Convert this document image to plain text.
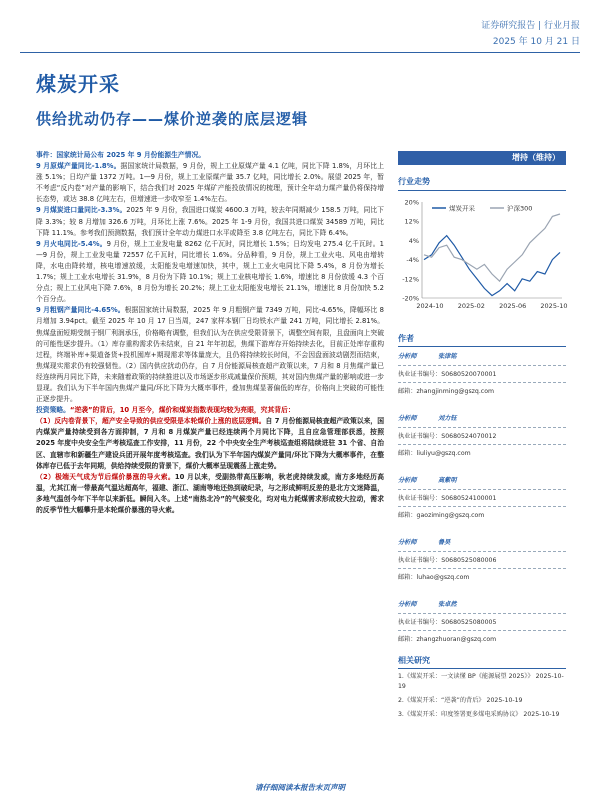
证券研究报告 | 行业月报
2025 年 10 月 21 日
煤炭开采
供给扰动仍存——煤价逆袭的底层逻辑

事件：国家统计局公布 2025 年 9 月份能源生产情况。

9 月原煤产量同比-1.8%。据国家统计局数据，9 月份，规上工业原煤产量 4.1 亿吨，同比下降 1.8%，月环比上涨 5.1%；日均产量 1372 万吨。1—9 月份，规上工业原煤产量 35.7 亿吨，同比增长 2.0%。展望 2025 年，暂不考虑“反内卷”对产量的影响下，结合我们对 2025 年煤矿产能投放情况的梳理，预计全年动力煤产量仍将保持增长态势，或达 38.8 亿吨左右，但增速进一步收窄至 1.4%左右。

9 月煤炭进口量同比-3.3%。2025 年 9 月份，我国进口煤炭 4600.3 万吨，较去年同期减少 158.5 万吨，同比下降 3.3%；较 8 月增加 326.6 万吨，月环比上涨 7.6%。2025 年 1-9 月份，我国共进口煤炭 34589 万吨，同比下降 11.1%。参考我们预测数据，我们预计全年动力煤进口水平或降至 3.8 亿吨左右，同比下降 6.4%。

9 月火电同比-5.4%。9 月份，规上工业发电量 8262 亿千瓦时，同比增长 1.5%；日均发电 275.4 亿千瓦时。1—9 月份，规上工业发电量 72557 亿千瓦时，同比增长 1.6%。分品种看，9 月份，规上工业火电、风电由增转降，水电由降转增，核电增速放缓，太阳能发电增速加快，其中，规上工业火电同比下降 5.4%，8 月份为增长 1.7%；规上工业水电增长 31.9%，8 月份为下降 10.1%；规上工业核电增长 1.6%，增速比 8 月份放缓 4.3 个百分点；规上工业风电下降 7.6%，8 月份为增长 20.2%；规上工业太阳能发电增长 21.1%，增速比 8 月份加快 5.2 个百分点。

9 月粗钢产量同比-4.65%。根据国家统计局数据，2025 年 9 月粗钢产量 7349 万吨，同比-4.65%，降幅环比 8 月增加 3.94pct。截至 2025 年 10 月 17 日当周，247 家样本钢厂日均铁水产量 241 万吨，同比增长 2.81%。焦煤盘面短期受制于钢厂利润承压，价格略有调整，但我们认为在供应受限背景下，调整空间有限，且盘面向上突破的可能性逐步提升。（1）库存重构需求仍未结束，自 21 年年初起，焦煤下游库存开始持续去化，目前正处库存重构过程，终端补库+渠道备货+投机囤库+期现需求等体量庞大，且仍将持续较长时间，不会因盘面波动剧烈而结束，焦煤现实需求仍有较强韧性。（2）国内供应扰动仍存，自 7 月份能源局核查超产政策以来，7 月和 8 月焦煤产量已经连续两月同比下降，未来随着政策的持续推进以及市场逐步形成减量保价预期，其对国内焦煤产量的影响或进一步显现。我们认为下半年国内焦煤产量同/环比下降为大概率事件，叠加焦煤显著偏低的库存，价格向上突破的可能性正逐步提升。

投资策略。“逆袭”的背后，10 月至今，煤价和煤炭指数表现均较为亮眼，究其背后：

（1）反内卷背景下，超产安全导致的供应受限是本轮煤价上涨的底层逻辑。自 7 月份能源局核查超产政策以来，国内煤炭产量持续受到各方面抑制，7 月和 8 月煤炭产量已经连续两个月同比下降，且自应急管理部获悉，按照 2025 年度中央安全生产考核巡查工作安排，11 月份，22 个中央安全生产考核巡查组将陆续进驻 31 个省、自治区、直辖市和新疆生产建设兵团开展年度考核巡查。我们认为下半年国内煤炭产量同/环比下降为大概率事件，在整体库存已低于去年同期，供给持续受限的背景下，煤价大概率呈现震荡上涨走势。

（2）极端天气成为节后煤价暴涨的导火索。10 月以来，受副热带高压影响，秋老虎持续发威，南方多地经历高温，尤其江南一带最高气温达超高年，福建、浙江、湖南等地还热到破纪录，与之形成鲜明反差的是北方文迷降温，多地气温创今年下半年以来新低。瞬间入冬。上述“南热北冷”的气候变化，均对电力耗煤需求形成较大拉动，需求的反季节性大幅攀升是本轮煤价暴涨的导火索。

增持（维持）
行业走势
20%
12%
4%
-4%
-12%
-20%
2024-10 2025-02 2025-06 2025-10
煤炭开采	沪深300
作者
分析师	张津铭
执业证书编号：S0680520070001
邮箱：zhangjinming@gszq.com
分析师	刘力钰
执业证书编号：S0680524070012
邮箱：liuliyu@gszq.com
分析师	高紫明
执业证书编号：S0680524100001
邮箱：gaoziming@gszq.com
分析师	鲁昊
执业证书编号：S0680525080006
邮箱：luhao@gszq.com
分析师	张卓然
执业证书编号：S0680525080005
邮箱：zhangzhuoran@gszq.com
相关研究
1.《煤炭开采：一文读懂 BP《能源展望 2025》》 2025-10-19
2.《煤炭开采：“逆袭”的背后》 2025-10-19
3.《煤炭开采：印度签署更多煤电采购协议》 2025-10-19
请仔细阅读本报告末页声明
